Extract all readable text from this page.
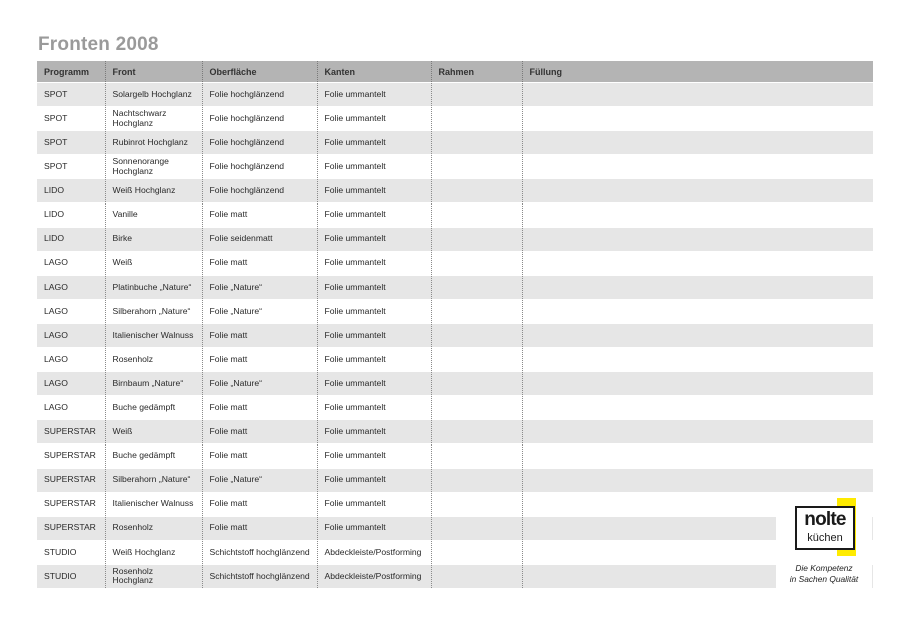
Fronten 2008
Programm	Front	Oberfläche	Kanten	Rahmen	Füllung
SPOT	Solargelb Hochglanz	Folie hochglänzend	Folie ummantelt		
SPOT	Nachtschwarz Hochglanz	Folie hochglänzend	Folie ummantelt		
SPOT	Rubinrot Hochglanz	Folie hochglänzend	Folie ummantelt		
SPOT	Sonnenorange Hochglanz	Folie hochglänzend	Folie ummantelt		
LIDO	Weiß Hochglanz	Folie hochglänzend	Folie ummantelt		
LIDO	Vanille	Folie matt	Folie ummantelt		
LIDO	Birke	Folie seidenmatt	Folie ummantelt		
LAGO	Weiß	Folie matt	Folie ummantelt		
LAGO	Platinbuche „Nature“	Folie „Nature“	Folie ummantelt		
LAGO	Silberahorn „Nature“	Folie „Nature“	Folie ummantelt		
LAGO	Italienischer Walnuss	Folie matt	Folie ummantelt		
LAGO	Rosenholz	Folie matt	Folie ummantelt		
LAGO	Birnbaum „Nature“	Folie „Nature“	Folie ummantelt		
LAGO	Buche gedämpft	Folie matt	Folie ummantelt		
SUPERSTAR	Weiß	Folie matt	Folie ummantelt		
SUPERSTAR	Buche gedämpft	Folie matt	Folie ummantelt		
SUPERSTAR	Silberahorn „Nature“	Folie „Nature“	Folie ummantelt		
SUPERSTAR	Italienischer Walnuss	Folie matt	Folie ummantelt		
SUPERSTAR	Rosenholz	Folie matt	Folie ummantelt		
STUDIO	Weiß Hochglanz	Schichtstoff hochglänzend	Abdeckleiste/Postforming		
STUDIO	Rosenholz Hochglanz	Schichtstoff hochglänzend	Abdeckleiste/Postforming		
nolte
küchen
Die Kompetenz
in Sachen Qualität
